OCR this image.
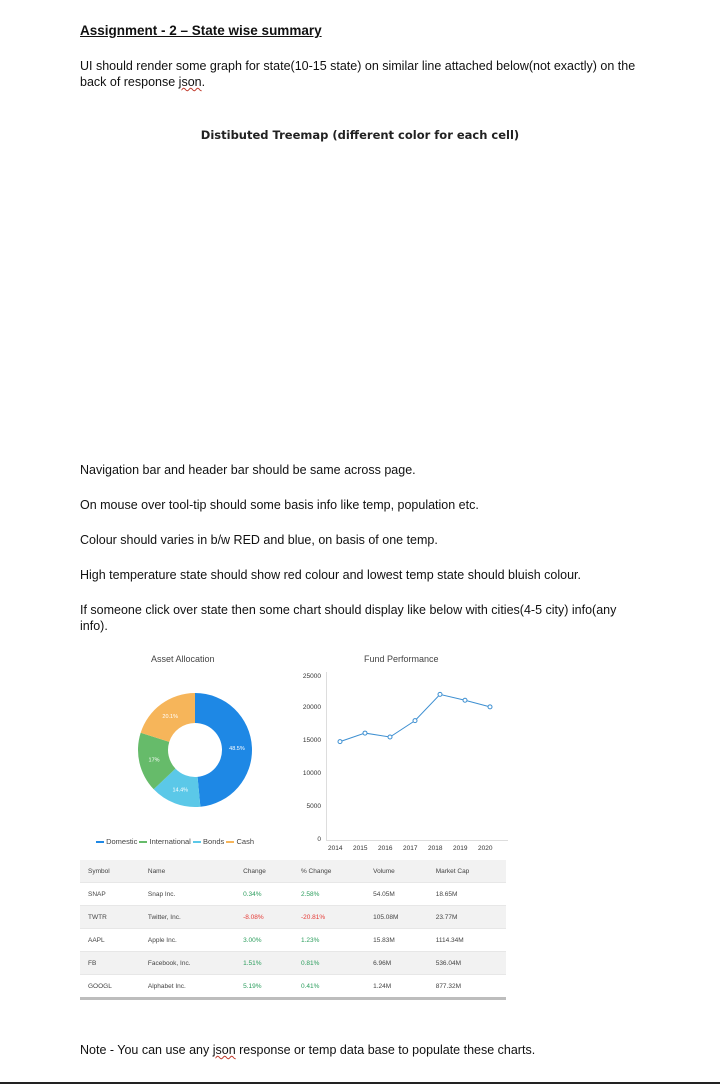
Assignment - 2 – State wise summary
UI should render some graph for state(10-15 state) on similar line attached below(not exactly) on the back of response json.
Distibuted Treemap (different color for each cell)
New Delhi
Kolkata
Mumbai
Ahmedabad
Bangaluru	Pune
Chennai
Surat	Hyderabad
Jaipur	Lucknow	Indore	Kanpur
Navigation bar and header bar should be same across page.
On mouse over tool-tip should some basis info like temp, population etc.
Colour should varies in b/w RED and blue, on basis of one temp.
High temperature state should show red colour and lowest temp state should bluish colour.
If someone click over state then some chart should display like below with cities(4-5 city) info(any info).
Asset Allocation
48.5%
14.4%
17%
20.1%
Domestic International Bonds Cash
Fund Performance
25000
20000
15000
10000
5000
0
2014 2015 2016 2017 2018 2019 2020
Symbol	Name	Change	% Change	Volume	Market Cap
SNAP	Snap Inc.	0.34%	2.58%	54.05M	18.65M
TWTR	Twitter, Inc.	-8.08%	-20.81%	105.08M	23.77M
AAPL	Apple Inc.	3.00%	1.23%	15.83M	1114.34M
FB	Facebook, Inc.	1.51%	0.81%	6.96M	536.04M
GOOGL	Alphabet Inc.	5.19%	0.41%	1.24M	877.32M
Note - You can use any json response or temp data base to populate these charts.
